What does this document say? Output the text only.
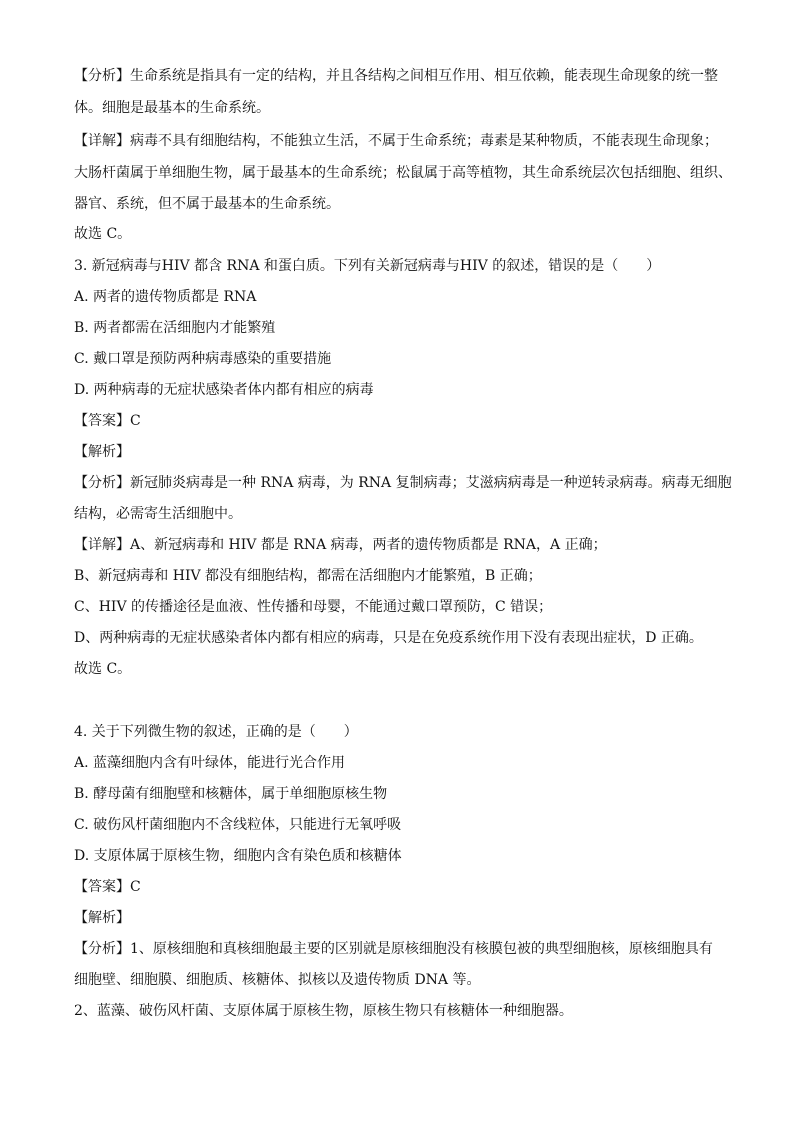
【分析】生命系统是指具有一定的结构，并且各结构之间相互作用、相互依赖，能表现生命现象的统一整
体。细胞是最基本的生命系统。
【详解】病毒不具有细胞结构，不能独立生活，不属于生命系统；毒素是某种物质，不能表现生命现象；
大肠杆菌属于单细胞生物，属于最基本的生命系统；松鼠属于高等植物，其生命系统层次包括细胞、组织、
器官、系统，但不属于最基本的生命系统。
故选 C。
3. 新冠病毒与HIV 都含 RNA 和蛋白质。下列有关新冠病毒与HIV 的叙述，错误的是（　　）
A. 两者的遗传物质都是 RNA
B. 两者都需在活细胞内才能繁殖
C. 戴口罩是预防两种病毒感染的重要措施
D. 两种病毒的无症状感染者体内都有相应的病毒
【答案】C
【解析】
【分析】新冠肺炎病毒是一种 RNA 病毒，为 RNA 复制病毒；艾滋病病毒是一种逆转录病毒。病毒无细胞
结构，必需寄生活细胞中。
【详解】A、新冠病毒和 HIV 都是 RNA 病毒，两者的遗传物质都是 RNA，A 正确；
B、新冠病毒和 HIV 都没有细胞结构，都需在活细胞内才能繁殖，B 正确；
C、HIV 的传播途径是血液、性传播和母婴，不能通过戴口罩预防，C 错误；
D、两种病毒的无症状感染者体内都有相应的病毒，只是在免疫系统作用下没有表现出症状，D 正确。
故选 C。
4. 关于下列微生物的叙述，正确的是（　　）
A. 蓝藻细胞内含有叶绿体，能进行光合作用
B. 酵母菌有细胞壁和核糖体，属于单细胞原核生物
C. 破伤风杆菌细胞内不含线粒体，只能进行无氧呼吸
D. 支原体属于原核生物，细胞内含有染色质和核糖体
【答案】C
【解析】
【分析】1、原核细胞和真核细胞最主要的区别就是原核细胞没有核膜包被的典型细胞核，原核细胞具有
细胞壁、细胞膜、细胞质、核糖体、拟核以及遗传物质 DNA 等。
2、蓝藻、破伤风杆菌、支原体属于原核生物，原核生物只有核糖体一种细胞器。
